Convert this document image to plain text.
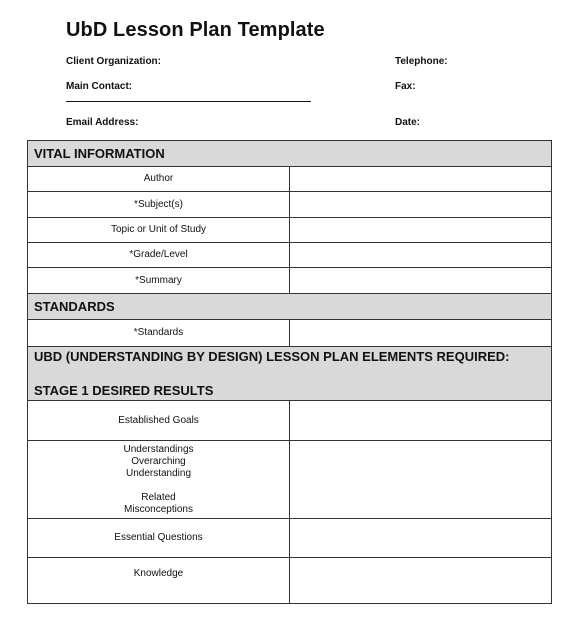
UbD Lesson Plan Template
Client Organization:	Telephone:
Main Contact:	Fax:
Email Address:	Date:
VITAL INFORMATION	
Author	
*Subject(s)	
Topic or Unit of Study	
*Grade/Level	
*Summary	
STANDARDS	
*Standards	

UBD (UNDERSTANDING BY DESIGN) LESSON PLAN ELEMENTS REQUIRED:
STAGE 1 DESIRED RESULTS	

Established Goals	

Understandings
Overarching
Understanding
Related
Misconceptions	

Essential Questions	
Knowledge	
